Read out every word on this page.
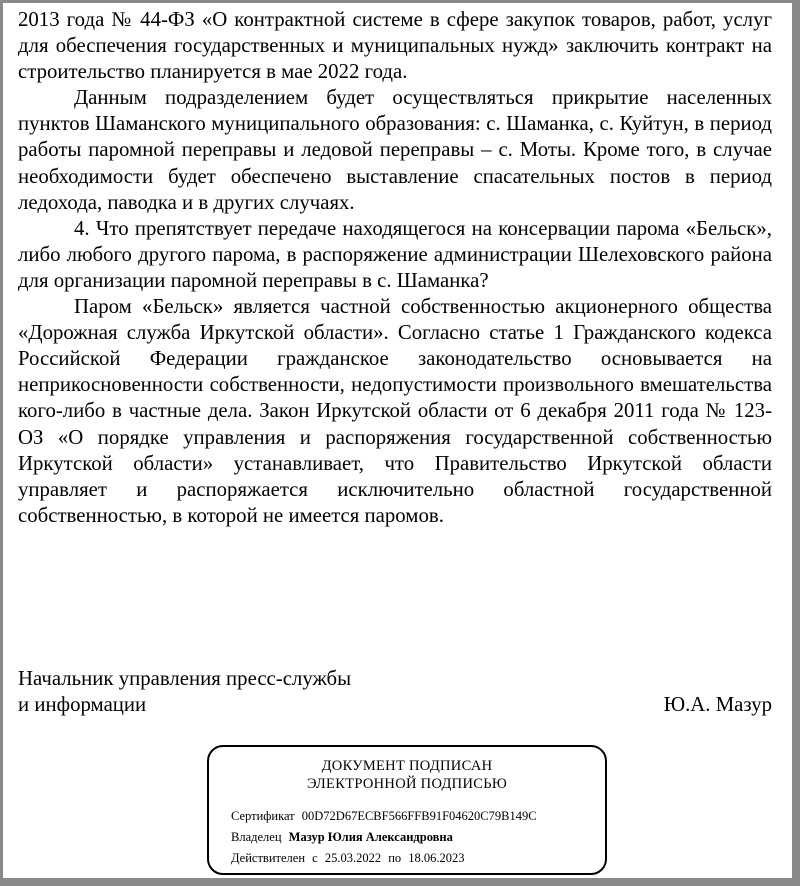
2013 года № 44-ФЗ «О контрактной системе в сфере закупок товаров, работ, услуг для обеспечения государственных и муниципальных нужд» заключить контракт на строительство планируется в мае 2022 года.

Данным подразделением будет осуществляться прикрытие населенных пунктов Шаманского муниципального образования: с. Шаманка, с. Куйтун, в период работы паромной переправы и ледовой переправы – с. Моты. Кроме того, в случае необходимости будет обеспечено выставление спасательных постов в период ледохода, паводка и в других случаях.

4. Что препятствует передаче находящегося на консервации парома «Бельск», либо любого другого парома, в распоряжение администрации Шелеховского района для организации паромной переправы в с. Шаманка?

Паром «Бельск» является частной собственностью акционерного общества «Дорожная служба Иркутской области». Согласно статье 1 Гражданского кодекса Российской Федерации гражданское законодательство основывается на неприкосновенности собственности, недопустимости произвольного вмешательства кого-либо в частные дела. Закон Иркутской области от 6 декабря 2011 года № 123-ОЗ «О порядке управления и распоряжения государственной собственностью Иркутской области» устанавливает, что Правительство Иркутской области управляет и распоряжается исключительно областной государственной собственностью, в которой не имеется паромов.

Начальник управления пресс-службы
и информации	Ю.А. Мазур
ДОКУМЕНТ ПОДПИСАН
ЭЛЕКТРОННОЙ ПОДПИСЬЮ
Сертификат 00D72D67ECBF566FFB91F04620C79B149C
Владелец Мазур Юлия Александровна
Действителен с 25.03.2022 по 18.06.2023
